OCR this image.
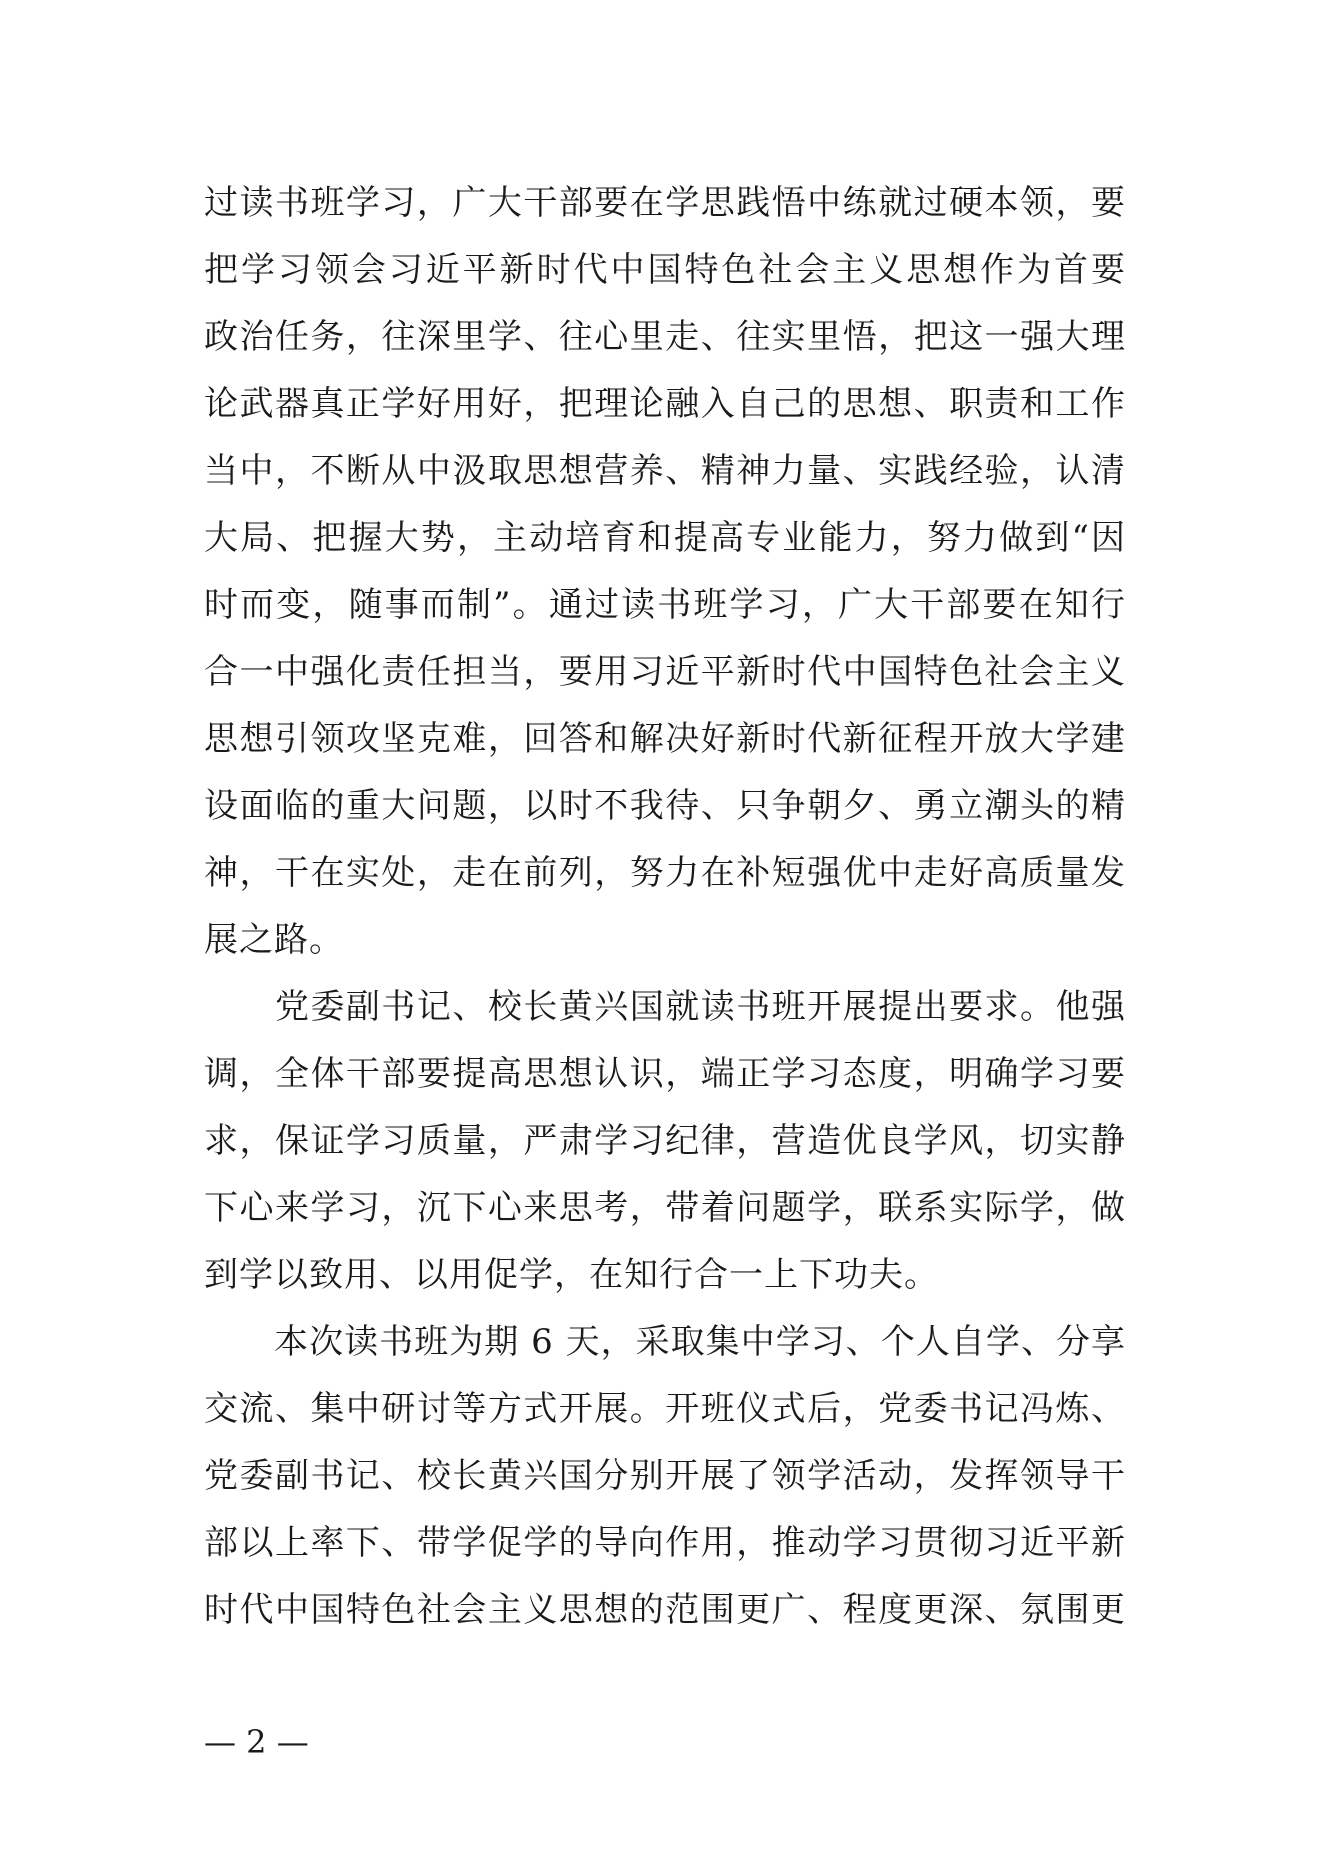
过读书班学习，广大干部要在学思践悟中练就过硬本领，要
把学习领会习近平新时代中国特色社会主义思想作为首要
政治任务，往深里学、往心里走、往实里悟，把这一强大理
论武器真正学好用好，把理论融入自己的思想、职责和工作
当中，不断从中汲取思想营养、精神力量、实践经验，认清
大局、把握大势，主动培育和提高专业能力，努力做到“因
时而变，随事而制”。通过读书班学习，广大干部要在知行
合一中强化责任担当，要用习近平新时代中国特色社会主义
思想引领攻坚克难，回答和解决好新时代新征程开放大学建
设面临的重大问题，以时不我待、只争朝夕、勇立潮头的精
神，干在实处，走在前列，努力在补短强优中走好高质量发
展之路。
　　党委副书记、校长黄兴国就读书班开展提出要求。他强
调，全体干部要提高思想认识，端正学习态度，明确学习要
求，保证学习质量，严肃学习纪律，营造优良学风，切实静
下心来学习，沉下心来思考，带着问题学，联系实际学，做
到学以致用、以用促学，在知行合一上下功夫。
　　本次读书班为期 6 天，采取集中学习、个人自学、分享
交流、集中研讨等方式开展。开班仪式后，党委书记冯炼、
党委副书记、校长黄兴国分别开展了领学活动，发挥领导干
部以上率下、带学促学的导向作用，推动学习贯彻习近平新
时代中国特色社会主义思想的范围更广、程度更深、氛围更
— 2 —
